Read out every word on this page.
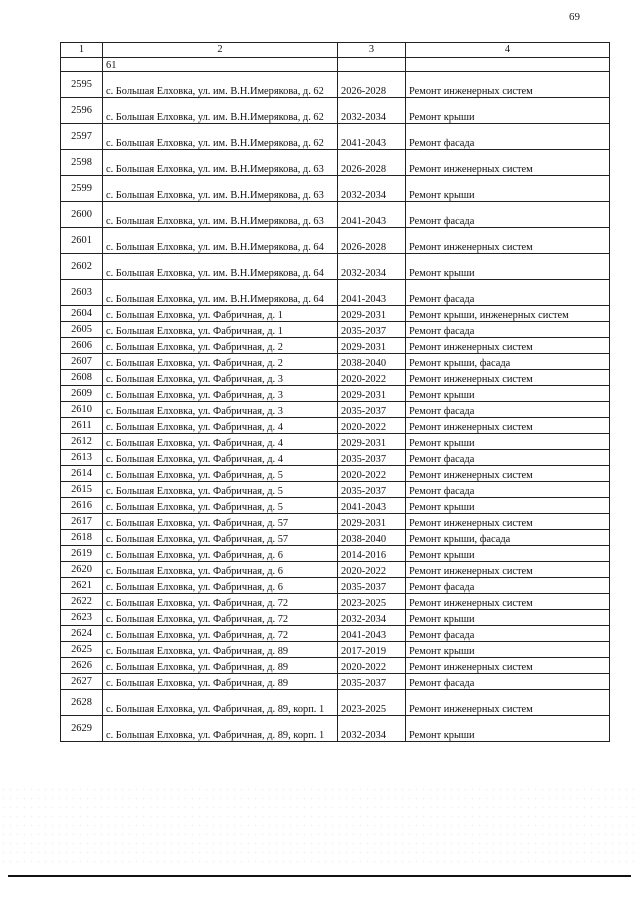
69
1	2	3	4
	61		
2595	с. Большая Елховка, ул. им. В.Н.Имерякова, д. 62	2026-2028	Ремонт инженерных систем
2596	с. Большая Елховка, ул. им. В.Н.Имерякова, д. 62	2032-2034	Ремонт крыши
2597	с. Большая Елховка, ул. им. В.Н.Имерякова, д. 62	2041-2043	Ремонт фасада
2598	с. Большая Елховка, ул. им. В.Н.Имерякова, д. 63	2026-2028	Ремонт инженерных систем
2599	с. Большая Елховка, ул. им. В.Н.Имерякова, д. 63	2032-2034	Ремонт крыши
2600	с. Большая Елховка, ул. им. В.Н.Имерякова, д. 63	2041-2043	Ремонт фасада
2601	с. Большая Елховка, ул. им. В.Н.Имерякова, д. 64	2026-2028	Ремонт инженерных систем
2602	с. Большая Елховка, ул. им. В.Н.Имерякова, д. 64	2032-2034	Ремонт крыши
2603	с. Большая Елховка, ул. им. В.Н.Имерякова, д. 64	2041-2043	Ремонт фасада
2604	с. Большая Елховка, ул. Фабричная, д. 1	2029-2031	Ремонт крыши, инженерных систем
2605	с. Большая Елховка, ул. Фабричная, д. 1	2035-2037	Ремонт фасада
2606	с. Большая Елховка, ул. Фабричная, д. 2	2029-2031	Ремонт инженерных систем
2607	с. Большая Елховка, ул. Фабричная, д. 2	2038-2040	Ремонт крыши, фасада
2608	с. Большая Елховка, ул. Фабричная, д. 3	2020-2022	Ремонт инженерных систем
2609	с. Большая Елховка, ул. Фабричная, д. 3	2029-2031	Ремонт крыши
2610	с. Большая Елховка, ул. Фабричная, д. 3	2035-2037	Ремонт фасада
2611	с. Большая Елховка, ул. Фабричная, д. 4	2020-2022	Ремонт инженерных систем
2612	с. Большая Елховка, ул. Фабричная, д. 4	2029-2031	Ремонт крыши
2613	с. Большая Елховка, ул. Фабричная, д. 4	2035-2037	Ремонт фасада
2614	с. Большая Елховка, ул. Фабричная, д. 5	2020-2022	Ремонт инженерных систем
2615	с. Большая Елховка, ул. Фабричная, д. 5	2035-2037	Ремонт фасада
2616	с. Большая Елховка, ул. Фабричная, д. 5	2041-2043	Ремонт крыши
2617	с. Большая Елховка, ул. Фабричная, д. 57	2029-2031	Ремонт инженерных систем
2618	с. Большая Елховка, ул. Фабричная, д. 57	2038-2040	Ремонт крыши, фасада
2619	с. Большая Елховка, ул. Фабричная, д. 6	2014-2016	Ремонт крыши
2620	с. Большая Елховка, ул. Фабричная, д. 6	2020-2022	Ремонт инженерных систем
2621	с. Большая Елховка, ул. Фабричная, д. 6	2035-2037	Ремонт фасада
2622	с. Большая Елховка, ул. Фабричная, д. 72	2023-2025	Ремонт инженерных систем
2623	с. Большая Елховка, ул. Фабричная, д. 72	2032-2034	Ремонт крыши
2624	с. Большая Елховка, ул. Фабричная, д. 72	2041-2043	Ремонт фасада
2625	с. Большая Елховка, ул. Фабричная, д. 89	2017-2019	Ремонт крыши
2626	с. Большая Елховка, ул. Фабричная, д. 89	2020-2022	Ремонт инженерных систем
2627	с. Большая Елховка, ул. Фабричная, д. 89	2035-2037	Ремонт фасада
2628	с. Большая Елховка, ул. Фабричная, д. 89, корп. 1	2023-2025	Ремонт инженерных систем
2629	с. Большая Елховка, ул. Фабричная, д. 89, корп. 1	2032-2034	Ремонт крыши
